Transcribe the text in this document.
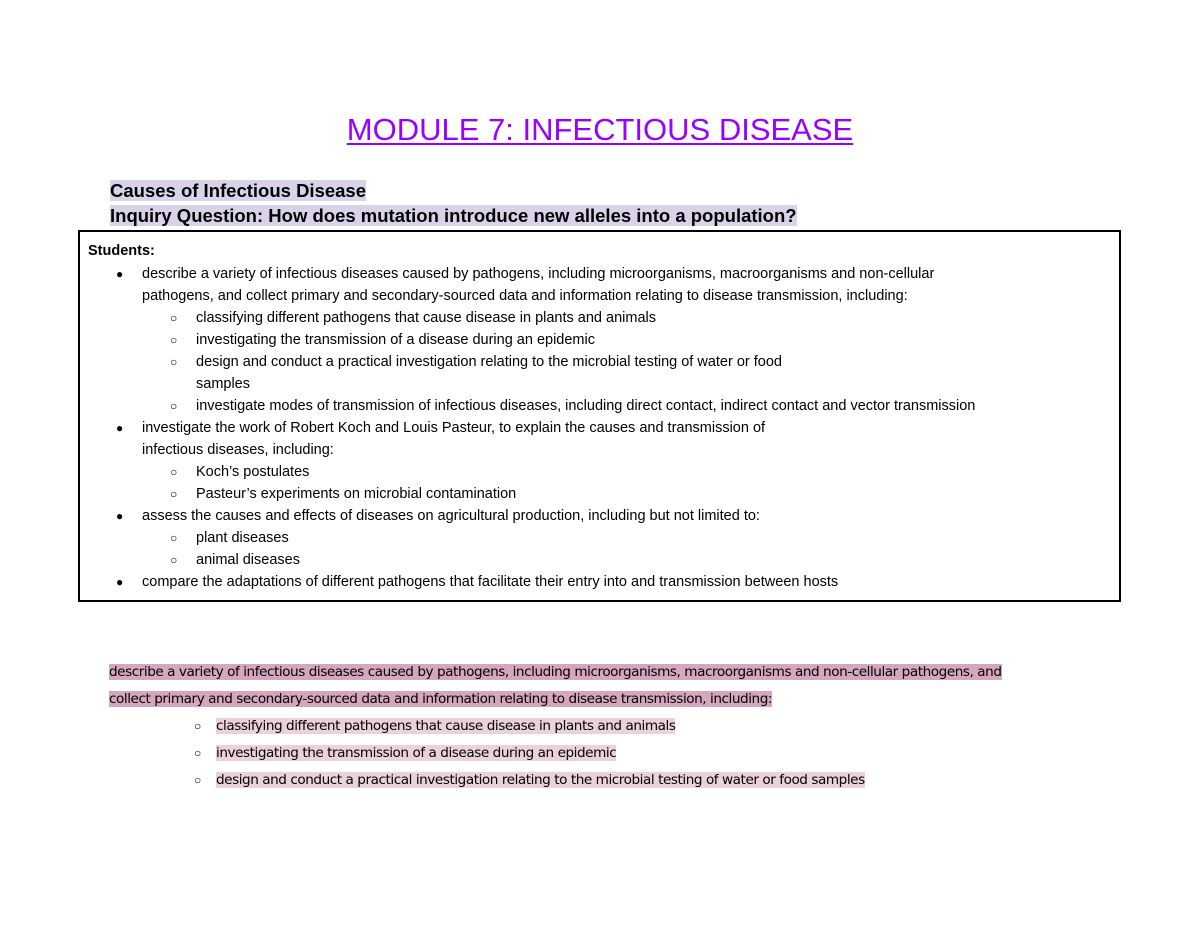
MODULE 7: INFECTIOUS DISEASE
Causes of Infectious Disease
Inquiry Question: How does mutation introduce new alleles into a population?
Students:
● describe a variety of infectious diseases caused by pathogens, including microorganisms, macroorganisms and non-cellular
pathogens, and collect primary and secondary-sourced data and information relating to disease transmission, including:
○ classifying different pathogens that cause disease in plants and animals
○ investigating the transmission of a disease during an epidemic
○ design and conduct a practical investigation relating to the microbial testing of water or food
samples
○ investigate modes of transmission of infectious diseases, including direct contact, indirect contact and vector transmission
● investigate the work of Robert Koch and Louis Pasteur, to explain the causes and transmission of
infectious diseases, including:
○ Koch’s postulates
○ Pasteur’s experiments on microbial contamination
● assess the causes and effects of diseases on agricultural production, including but not limited to:
○ plant diseases
○ animal diseases
● compare the adaptations of different pathogens that facilitate their entry into and transmission between hosts
describe a variety of infectious diseases caused by pathogens, including microorganisms, macroorganisms and non-cellular pathogens, and
collect primary and secondary-sourced data and information relating to disease transmission, including:
○	classifying different pathogens that cause disease in plants and animals
○	investigating the transmission of a disease during an epidemic
○	design and conduct a practical investigation relating to the microbial testing of water or food samples
